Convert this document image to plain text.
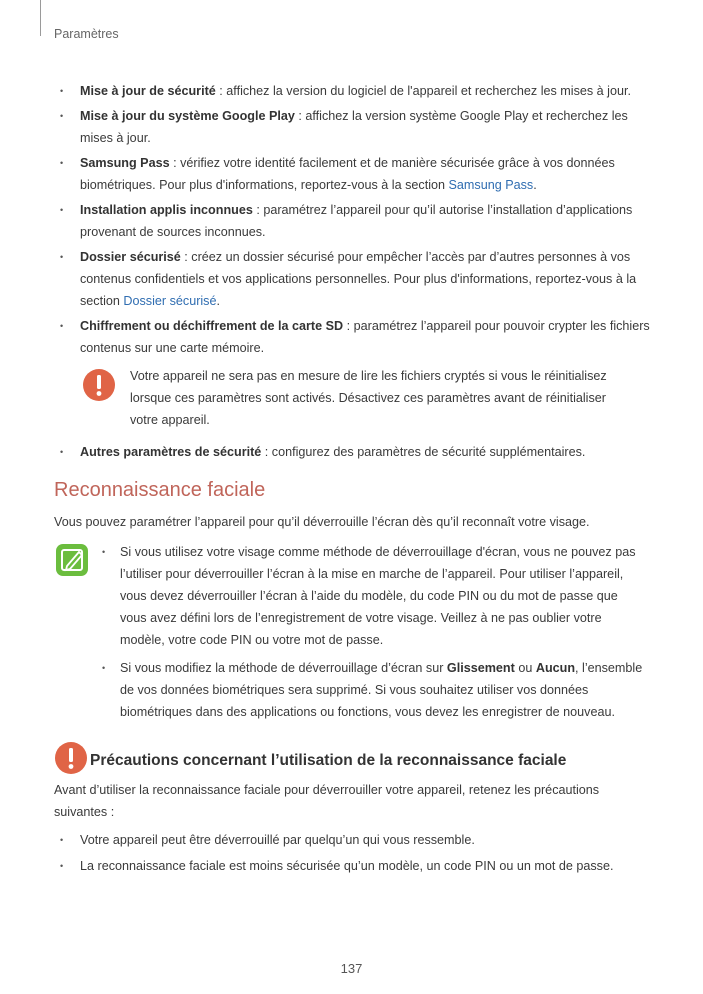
Paramètres
• Mise à jour de sécurité : affichez la version du logiciel de l'appareil et recherchez les mises à jour.
• Mise à jour du système Google Play : affichez la version système Google Play et recherchez les mises à jour.
• Samsung Pass : vérifiez votre identité facilement et de manière sécurisée grâce à vos données biométriques. Pour plus d'informations, reportez-vous à la section Samsung Pass.
• Installation applis inconnues : paramétrez l’appareil pour qu’il autorise l’installation d’applications provenant de sources inconnues.
• Dossier sécurisé : créez un dossier sécurisé pour empêcher l’accès par d’autres personnes à vos contenus confidentiels et vos applications personnelles. Pour plus d'informations, reportez-vous à la section Dossier sécurisé.
• Chiffrement ou déchiffrement de la carte SD : paramétrez l’appareil pour pouvoir crypter les fichiers contenus sur une carte mémoire.
Votre appareil ne sera pas en mesure de lire les fichiers cryptés si vous le réinitialisez lorsque ces paramètres sont activés. Désactivez ces paramètres avant de réinitialiser votre appareil.
• Autres paramètres de sécurité : configurez des paramètres de sécurité supplémentaires.
Reconnaissance faciale

Vous pouvez paramétrer l’appareil pour qu’il déverrouille l’écran dès qu’il reconnaît votre visage.

• Si vous utilisez votre visage comme méthode de déverrouillage d'écran, vous ne pouvez pas l’utiliser pour déverrouiller l’écran à la mise en marche de l’appareil. Pour utiliser l’appareil, vous devez déverrouiller l’écran à l’aide du modèle, du code PIN ou du mot de passe que vous avez défini lors de l’enregistrement de votre visage. Veillez à ne pas oublier votre modèle, votre code PIN ou votre mot de passe.
• Si vous modifiez la méthode de déverrouillage d’écran sur Glissement ou Aucun, l’ensemble de vos données biométriques sera supprimé. Si vous souhaitez utiliser vos données biométriques dans des applications ou fonctions, vous devez les enregistrer de nouveau.
Précautions concernant l’utilisation de la reconnaissance faciale

Avant d’utiliser la reconnaissance faciale pour déverrouiller votre appareil, retenez les précautions suivantes :

• Votre appareil peut être déverrouillé par quelqu’un qui vous ressemble.
• La reconnaissance faciale est moins sécurisée qu’un modèle, un code PIN ou un mot de passe.
137
